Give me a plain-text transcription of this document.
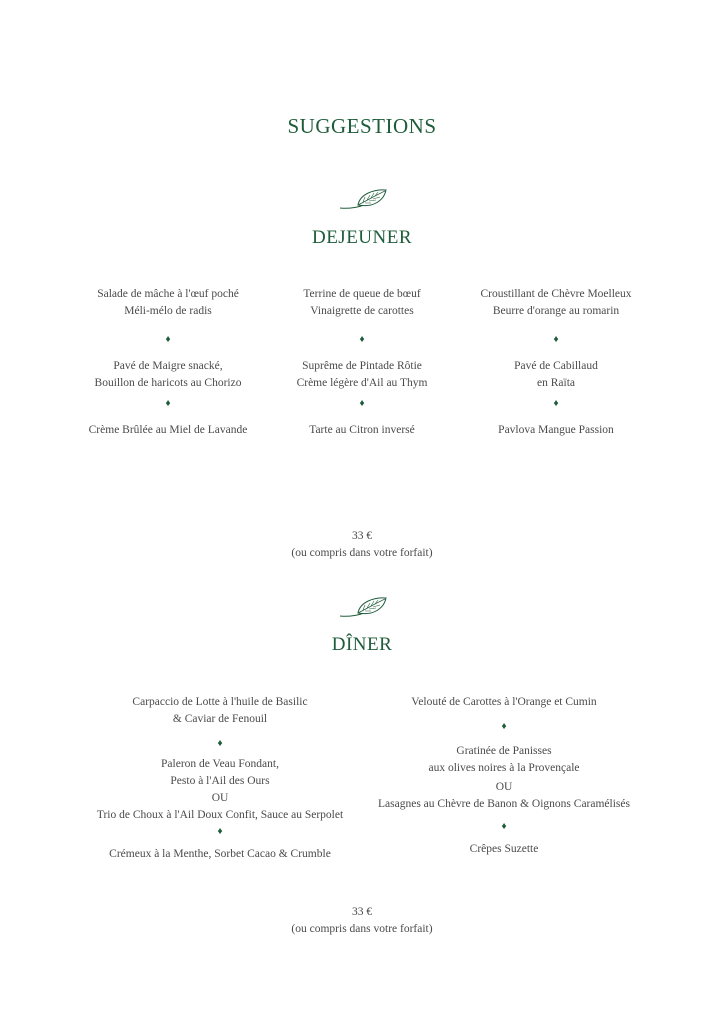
SUGGESTIONS
DEJEUNER
Salade de mâche à l'œuf poché
Méli-mélo de radis
♦
Pavé de Maigre snacké,
Bouillon de haricots au Chorizo
♦
Crème Brûlée au Miel de Lavande
Terrine de queue de bœuf
Vinaigrette de carottes
♦
Suprême de Pintade Rôtie
Crème légère d'Ail au Thym
♦
Tarte au Citron inversé
Croustillant de Chèvre Moelleux
Beurre d'orange au romarin
♦
Pavé de Cabillaud
en Raïta
♦
Pavlova Mangue Passion
33 €
(ou compris dans votre forfait)
DÎNER
Carpaccio de Lotte à l'huile de Basilic
& Caviar de Fenouil
♦
Paleron de Veau Fondant,
Pesto à l'Ail des Ours
OU
Trio de Choux à l'Ail Doux Confit, Sauce au Serpolet
♦
Crémeux à la Menthe, Sorbet Cacao & Crumble
Velouté de Carottes à l'Orange et Cumin
♦
Gratinée de Panisses
aux olives noires à la Provençale
OU
Lasagnes au Chèvre de Banon & Oignons Caramélisés
♦
Crêpes Suzette
33 €
(ou compris dans votre forfait)
